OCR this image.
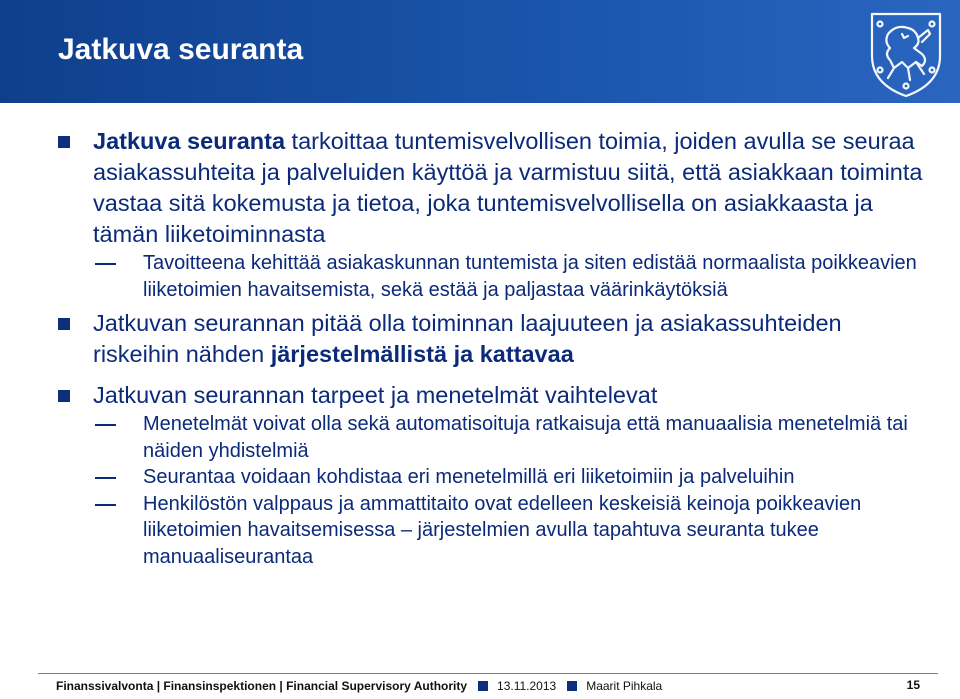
Jatkuva seuranta
Jatkuva seuranta tarkoittaa tuntemisvelvollisen toimia, joiden avulla se seuraa asiakassuhteita ja palveluiden käyttöä ja varmistuu siitä, että asiakkaan toiminta vastaa sitä kokemusta ja tietoa, joka tuntemisvelvollisella on asiakkaasta ja tämän liiketoiminnasta
Tavoitteena kehittää asiakaskunnan tuntemista ja siten edistää normaalista poikkeavien liiketoimien havaitsemista, sekä estää ja paljastaa väärinkäytöksiä
Jatkuvan seurannan pitää olla toiminnan laajuuteen ja asiakassuhteiden riskeihin nähden järjestelmällistä ja kattavaa
Jatkuvan seurannan tarpeet ja menetelmät vaihtelevat
Menetelmät voivat olla sekä automatisoituja ratkaisuja että manuaalisia menetelmiä tai näiden yhdistelmiä
Seurantaa voidaan kohdistaa eri menetelmillä eri liiketoimiin ja palveluihin
Henkilöstön valppaus ja ammattitaito ovat edelleen keskeisiä keinoja poikkeavien liiketoimien havaitsemisessa – järjestelmien avulla tapahtuva seuranta tukee manuaaliseurantaa
Finanssivalvonta | Finansinspektionen | Financial Supervisory Authority	13.11.2013	Maarit Pihkala	15
